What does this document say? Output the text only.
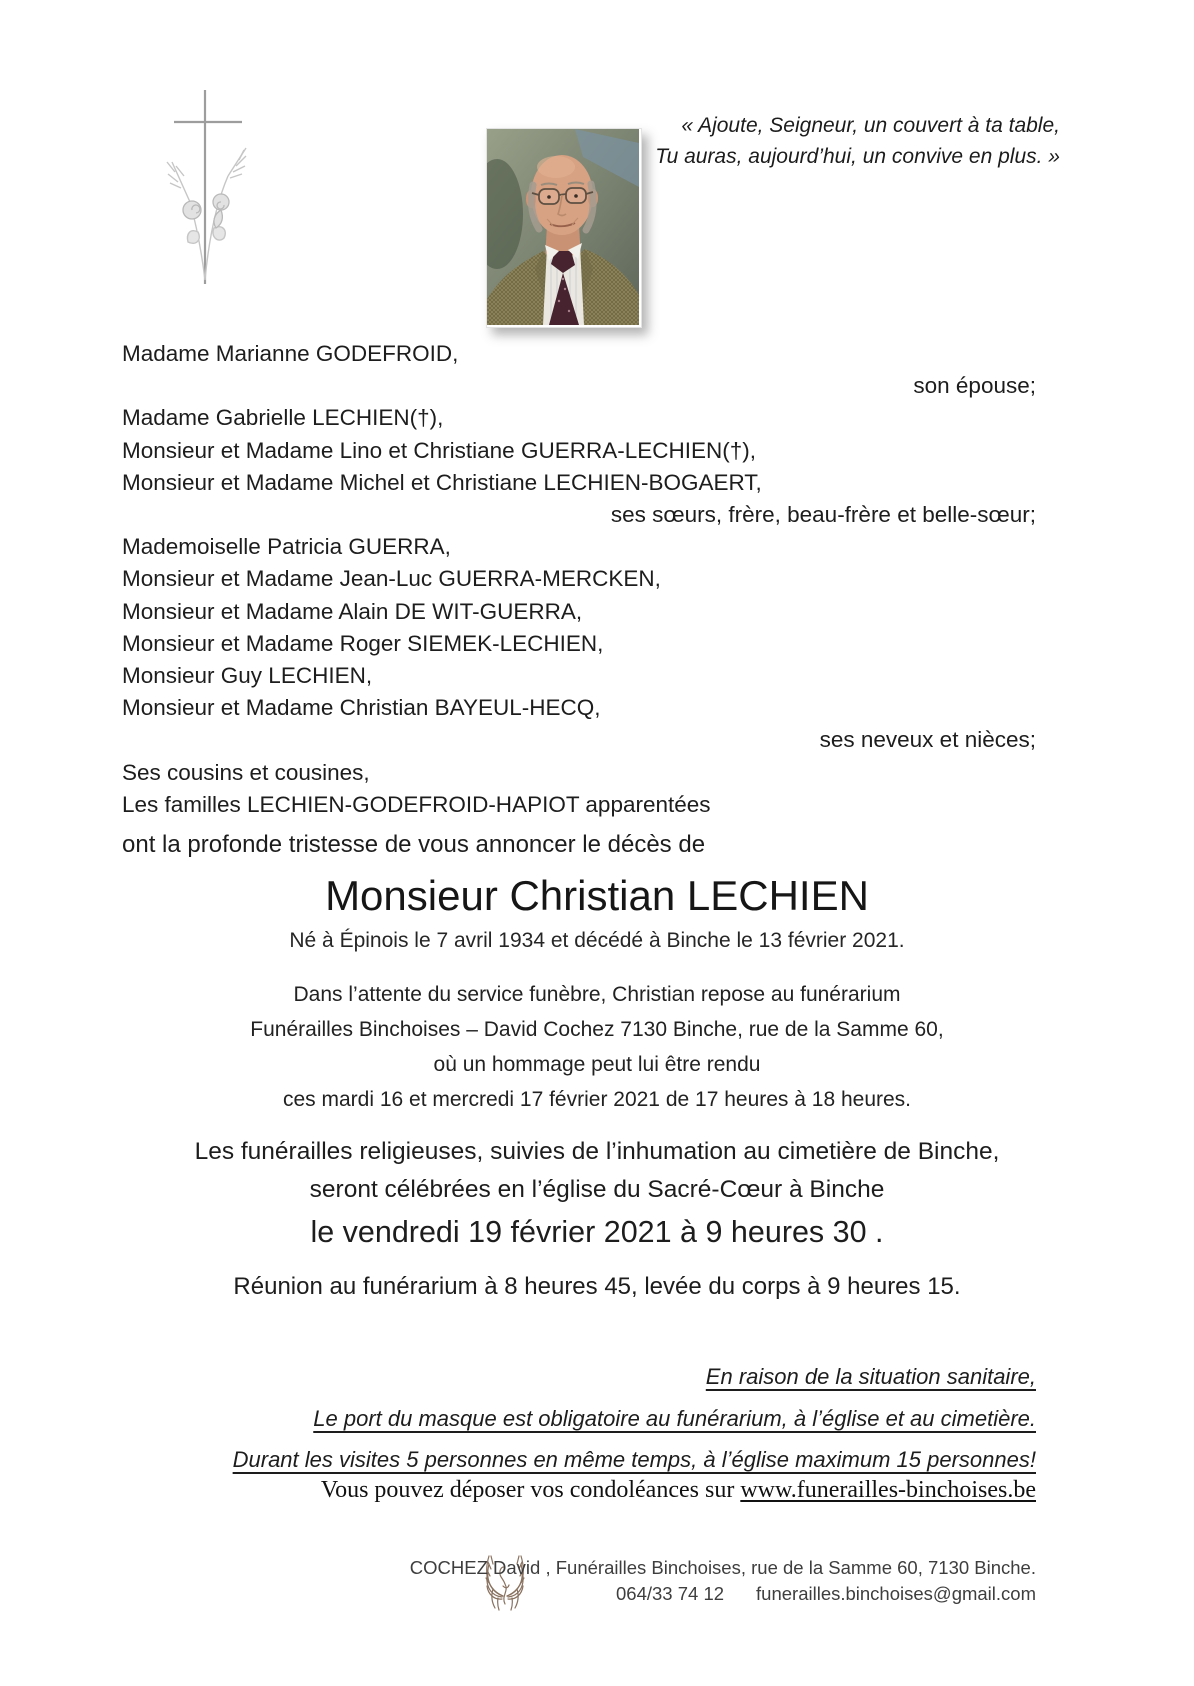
« Ajoute, Seigneur, un couvert à ta table,
Tu auras, aujourd’hui, un convive en plus. »
Madame Marianne GODEFROID,
son épouse;
Madame Gabrielle LECHIEN(†),
Monsieur et Madame Lino et Christiane GUERRA-LECHIEN(†),
Monsieur et Madame Michel et Christiane LECHIEN-BOGAERT,
ses sœurs, frère, beau-frère et belle-sœur;
Mademoiselle Patricia GUERRA,
Monsieur et Madame Jean-Luc GUERRA-MERCKEN,
Monsieur et Madame Alain DE WIT-GUERRA,
Monsieur et Madame Roger SIEMEK-LECHIEN,
Monsieur Guy LECHIEN,
Monsieur et Madame Christian BAYEUL-HECQ,
ses neveux et nièces;
Ses cousins et cousines,
Les familles LECHIEN-GODEFROID-HAPIOT apparentées
ont la profonde tristesse de vous annoncer le décès de
Monsieur Christian LECHIEN
Né à Épinois le 7 avril 1934 et décédé à Binche le 13 février 2021.
Dans l’attente du service funèbre, Christian repose au funérarium
Funérailles Binchoises – David Cochez 7130 Binche, rue de la Samme 60,
où un hommage peut lui être rendu
ces mardi 16 et mercredi 17 février 2021 de 17 heures à 18 heures.
Les funérailles religieuses, suivies de l’inhumation au cimetière de Binche,
seront célébrées en l’église du Sacré-Cœur à Binche
le vendredi 19 février 2021 à 9 heures 30 .
Réunion au funérarium à 8 heures 45, levée du corps à 9 heures 15.
En raison de la situation sanitaire,
Le port du masque est obligatoire au funérarium, à l’église et au cimetière.
Durant les visites 5 personnes en même temps, à l’église maximum 15 personnes!
Vous pouvez déposer vos condoléances sur www.funerailles-binchoises.be
COCHEZ David , Funérailles Binchoises, rue de la Samme 60, 7130 Binche.
064/33 74 12 funerailles.binchoises@gmail.com
